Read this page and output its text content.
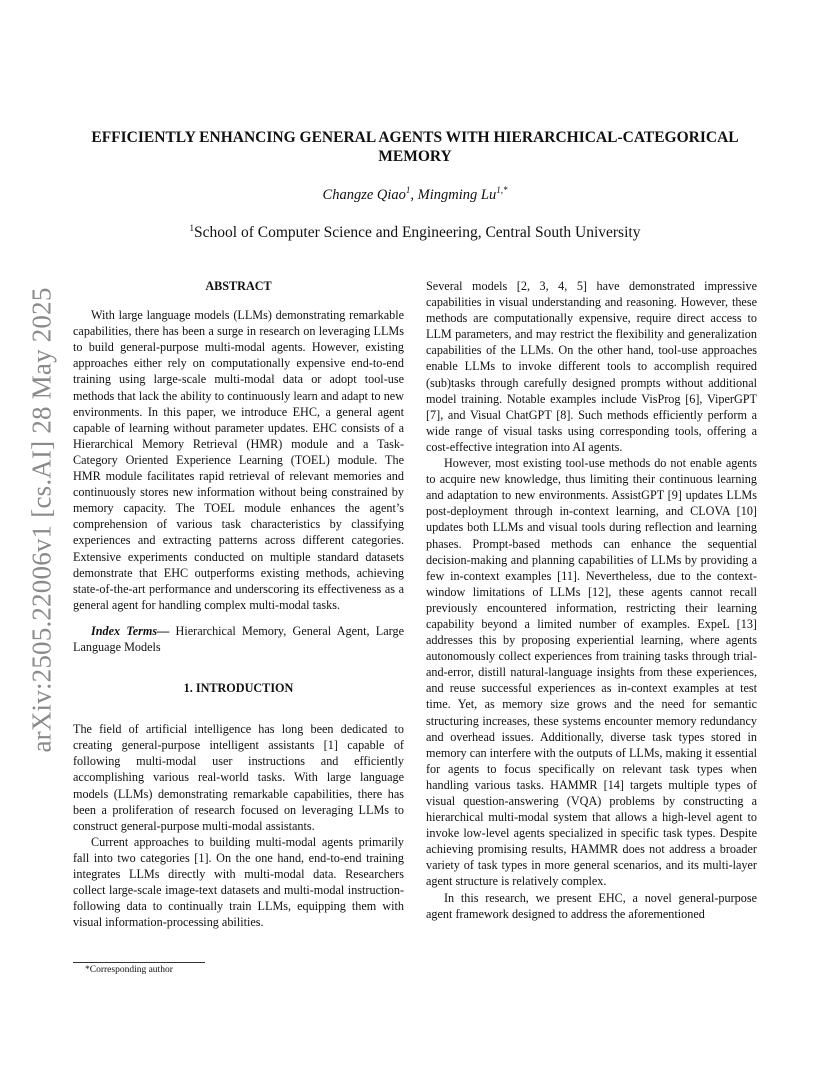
arXiv:2505.22006v1 [cs.AI] 28 May 2025
EFFICIENTLY ENHANCING GENERAL AGENTS WITH HIERARCHICAL-CATEGORICAL MEMORY
Changze Qiao$^1$, Mingming $Lu^{1,*}$
$^1$School of Computer Science and Engineering, Central South University
ABSTRACT

With large language models (LLMs) demonstrating remarkable capabilities, there has been a surge in research on leveraging LLMs to build general-purpose multi-modal agents. However, existing approaches either rely on computationally expensive end-to-end training using large-scale multi-modal data or adopt tool-use methods that lack the ability to continuously learn and adapt to new environments. In this paper, we introduce EHC, a general agent capable of learning without parameter updates. EHC consists of a Hierarchical Memory Retrieval (HMR) module and a Task-Category Oriented Experience Learning (TOEL) module. The HMR module facilitates rapid retrieval of relevant memories and continuously stores new information without being constrained by memory capacity. The TOEL module enhances the agent’s comprehension of various task characteristics by classifying experiences and extracting patterns across different categories. Extensive experiments conducted on multiple standard datasets demonstrate that EHC outperforms existing methods, achieving state-of-the-art performance and underscoring its effectiveness as a general agent for handling complex multi-modal tasks.

Index Terms— Hierarchical Memory, General Agent, Large Language Models

1. INTRODUCTION

The field of artificial intelligence has long been dedicated to creating general-purpose intelligent assistants [1] capable of following multi-modal user instructions and efficiently accomplishing various real-world tasks. With large language models (LLMs) demonstrating remarkable capabilities, there has been a proliferation of research focused on leveraging LLMs to construct general-purpose multi-modal assistants.

Current approaches to building multi-modal agents primarily fall into two categories [1]. On the one hand, end-to-end training integrates LLMs directly with multi-modal data. Researchers collect large-scale image-text datasets and multi-modal instruction-following data to continually train LLMs, equipping them with visual information-processing abilities.

Several models [2, 3, 4, 5] have demonstrated impressive capabilities in visual understanding and reasoning. However, these methods are computationally expensive, require direct access to LLM parameters, and may restrict the flexibility and generalization capabilities of the LLMs. On the other hand, tool-use approaches enable LLMs to invoke different tools to accomplish required (sub)tasks through carefully designed prompts without additional model training. Notable examples include VisProg [6], ViperGPT [7], and Visual ChatGPT [8]. Such methods efficiently perform a wide range of visual tasks using corresponding tools, offering a cost-effective integration into AI agents.

However, most existing tool-use methods do not enable agents to acquire new knowledge, thus limiting their continuous learning and adaptation to new environments. AssistGPT [9] updates LLMs post-deployment through in-context learning, and CLOVA [10] updates both LLMs and visual tools during reflection and learning phases. Prompt-based methods can enhance the sequential decision-making and planning capabilities of LLMs by providing a few in-context examples [11]. Nevertheless, due to the context-window limitations of LLMs [12], these agents cannot recall previously encountered information, restricting their learning capability beyond a limited number of examples. ExpeL [13] addresses this by proposing experiential learning, where agents autonomously collect experiences from training tasks through trial-and-error, distill natural-language insights from these experiences, and reuse successful experiences as in-context examples at test time. Yet, as memory size grows and the need for semantic structuring increases, these systems encounter memory redundancy and overhead issues. Additionally, diverse task types stored in memory can interfere with the outputs of LLMs, making it essential for agents to focus specifically on relevant task types when handling various tasks. HAMMR [14] targets multiple types of visual question-answering (VQA) problems by constructing a hierarchical multi-modal system that allows a high-level agent to invoke low-level agents specialized in specific task types. Despite achieving promising results, HAMMR does not address a broader variety of task types in more general scenarios, and its multi-layer agent structure is relatively complex.

In this research, we present EHC, a novel general-purpose agent framework designed to address the aforementioned

*Corresponding author
